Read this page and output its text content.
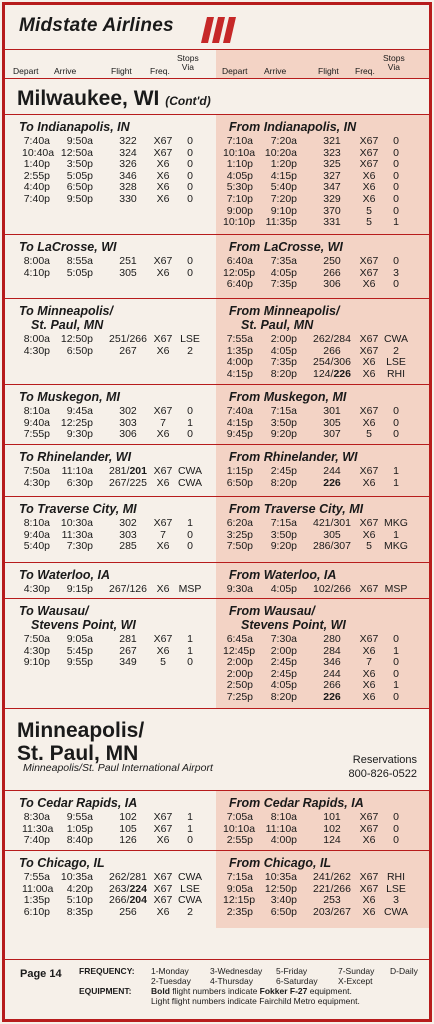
Midstate Airlines
Depart Arrive	Flight Freq.
Stops
Via	Depart Arrive	Flight Freq.
Stops
Via
Milwaukee, WI (Cont'd)
To Indianapolis, IN	From Indianapolis, IN
7:40a	9:50a	322	X67	0
10:40a 12:50a	324	X67	0
1:40p	3:50p	326	X6	0
2:55p	5:05p	346	X6	0
4:40p	6:50p	328	X6	0
7:40p	9:50p	330	X6	0
7:10a	7:20a	321	X67	0
10:10a 10:20a	323	X67	0
1:10p	1:20p	325	X67	0
4:05p	4:15p	327	X6	0
5:30p	5:40p	347	X6	0
7:10p	7:20p	329	X6	0
9:00p	9:10p	370	5	0
10:10p	11:35p	331	5	1
To LaCrosse, WI	From LaCrosse, WI
8:00a	8:55a	251	X67	0
4:10p	5:05p	305	X6	0
6:40a	7:35a	250	X67	0
12:05p	4:05p	266	X67	3
6:40p	7:35p	306	X6	0
To Minneapolis/
St. Paul, MN
From Minneapolis/
St. Paul, MN
8:00a 12:50p	251/266 X67 LSE
4:30p	6:50p	267	X6	2
7:55a	2:00p	262/284 X67 CWA
1:35p	4:05p	266	X67	2
4:00p	7:35p	254/306	X6	LSE
4:15p	8:20p	124/226	X6	RHI
To Muskegon, MI	From Muskegon, MI
8:10a	9:45a	302	X67	0
9:40a 12:25p	303	7	1
7:55p	9:30p	306	X6	0
7:40a	7:15a	301	X67	0
4:15p	3:50p	305	X6	0
9:45p	9:20p	307	5	0
To Rhinelander, WI	From Rhinelander, WI
7:50a 11:10a	281/201 X67 CWA
4:30p	6:30p	267/225 X6 CWA
1:15p	2:45p	244	X67	1
6:50p	8:20p	226	X6	1
To Traverse City, MI	From Traverse City, MI
8:10a 10:30a	302	X67	1
9:40a 11:30a	303	7	0
5:40p	7:30p	285	X6	0
6:20a	7:15a	421/301 X67 MKG
3:25p	3:50p	305	X6	1
7:50p	9:20p	286/307	5	MKG
To Waterloo, IA	From Waterloo, IA
4:30p	9:15p	267/126 X6 MSP	9:30a	4:05p	102/266 X67 MSP
To Wausau/
Stevens Point, WI
From Wausau/
Stevens Point, WI
7:50a	9:05a	281	X67	1
4:30p	5:45p	267	X6	1
9:10p	9:55p	349	5	0
6:45a	7:30a	280	X67	0
12:45p	2:00p	284	X6	1
2:00p	2:45p	346	7	0
2:00p	2:45p	244	X6	0
2:50p	4:05p	266	X6	1
7:25p	8:20p	226	X6	0
Minneapolis/
St. Paul, MN
Minneapolis/St. Paul International Airport
Reservations
800-826-0522
To Cedar Rapids, IA	From Cedar Rapids, IA
8:30a	9:55a	102	X67	1
11:30a	1:05p	105	X67	1
7:40p	8:40p	126	X6	0
7:05a	8:10a	101	X67	0
10:10a	11:10a	102	X67	0
2:55p	4:00p	124	X6	0
To Chicago, IL	From Chicago, IL
7:55a 10:35a	262/281 X67 CWA
11:00a	4:20p	263/224 X67 LSE
1:35p	5:10p	266/204 X67 CWA
6:10p	8:35p	256	X6	2
7:15a	10:35a	241/262 X67 RHI
9:05a	12:50p	221/266 X67 LSE
12:15p	3:40p	253	X6	3
2:35p	6:50p	203/267	X6 CWA
Page 14 FREQUENCY: 1-Monday 3-Wednesday 5-Friday	7-Sunday D-Daily
2-Tuesday 4-Thursday	6-Saturday X-Except
EQUIPMENT: Bold flight numbers indicate Fokker F-27 equipment.
Light flight numbers indicate Fairchild Metro equipment.
